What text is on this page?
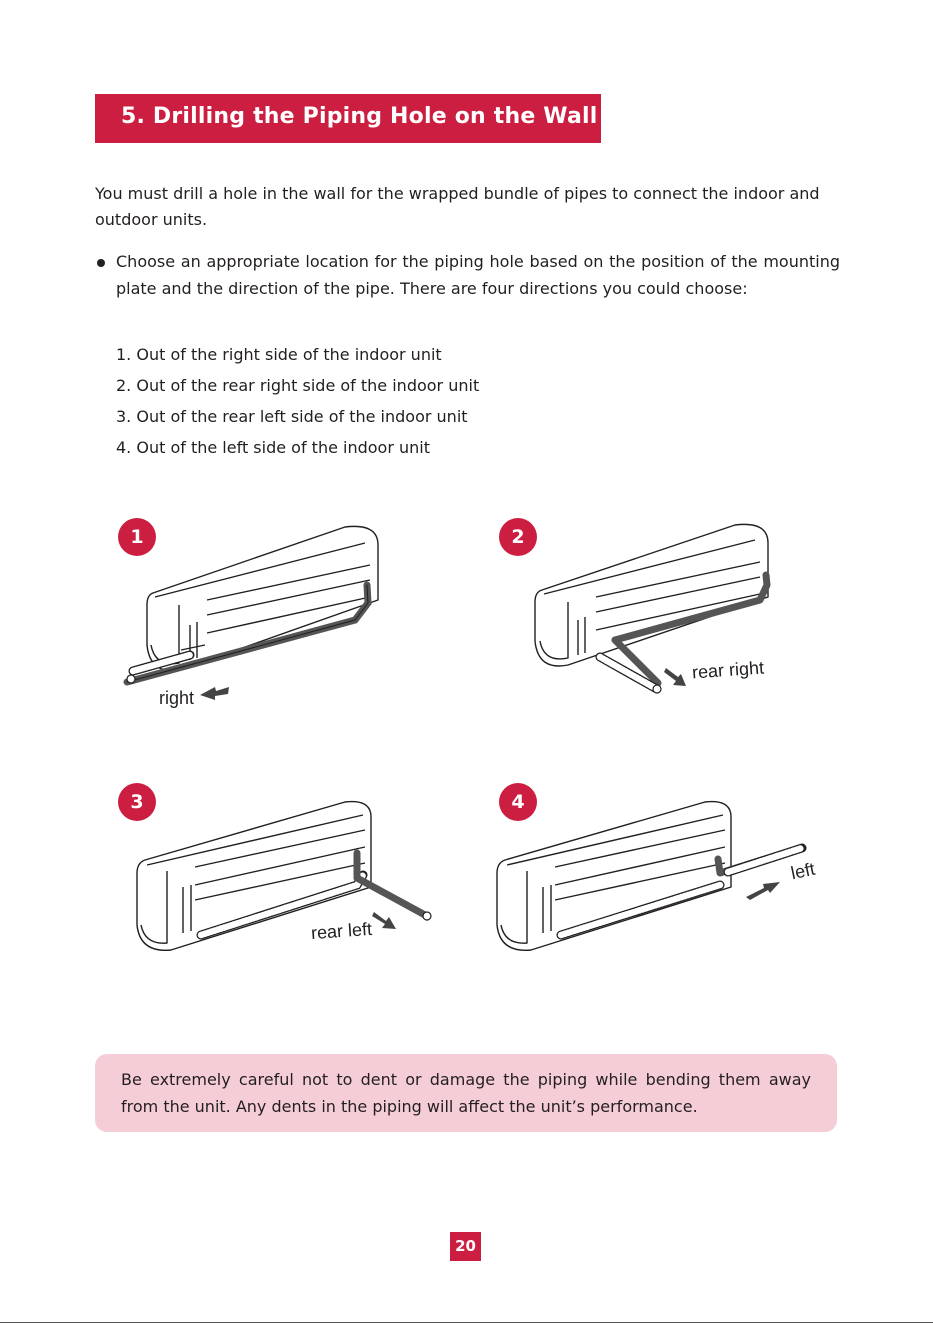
5. Drilling the Piping Hole on the Wall
You must drill a hole in the wall for the wrapped bundle of pipes to connect the indoor and outdoor units.
Choose an appropriate location for the piping hole based on the position of the mounting plate and the direction of the pipe. There are four directions you could choose:
1. Out of the right side of the indoor unit
2. Out of the rear right side of the indoor unit
3. Out of the rear left side of the indoor unit
4. Out of the left side of the indoor unit
1
right
2
rear right
3
rear left
4
left

Be extremely careful not to dent or damage the piping while bending them away from the unit. Any dents in the piping will affect the unit’s performance.

20
